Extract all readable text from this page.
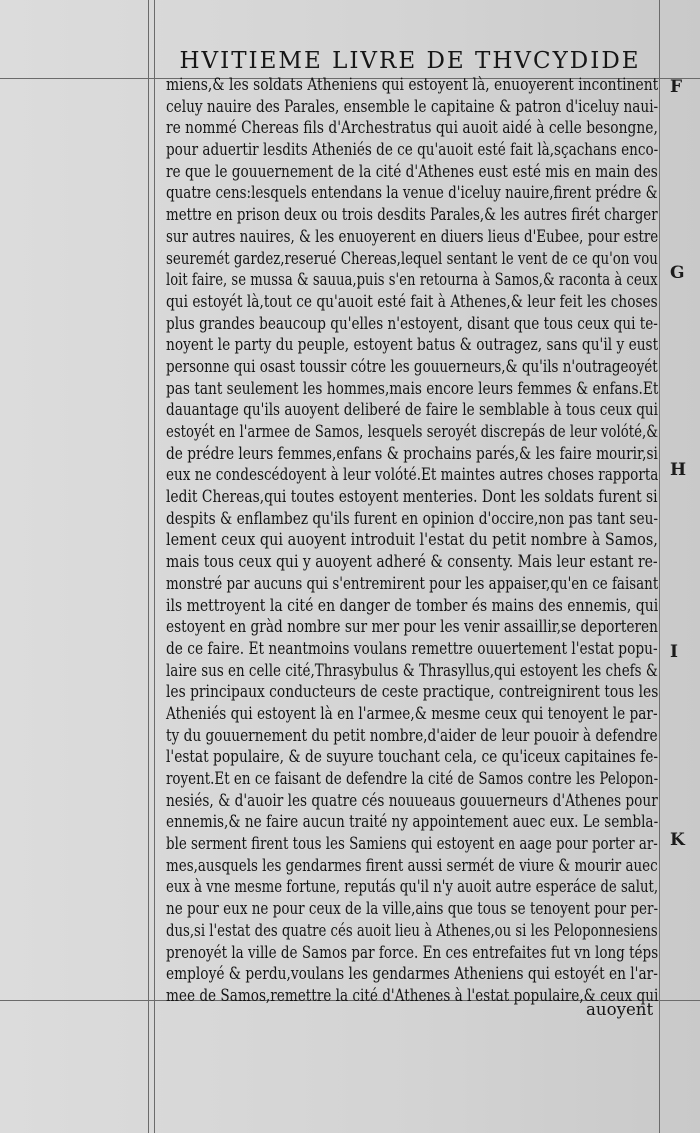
HVITIEME LIVRE DE THVCYDIDE
miens,& les soldats Atheniens qui estoyent là, enuoyerent incontinent
celuy nauire des Parales, ensemble le capitaine & patron d'iceluy naui-
re nommé Chereas fils d'Archestratus qui auoit aidé à celle besongne,
pour aduertir lesdits Atheniés de ce qu'auoit esté fait là,sçachans enco-
re que le gouuernement de la cité d'Athenes eust esté mis en main des
quatre cens:lesquels entendans la venue d'iceluy nauire,firent prédre &
mettre en prison deux ou trois desdits Parales,& les autres firét charger
sur autres nauires, & les enuoyerent en diuers lieus d'Eubee, pour estre
seuremét gardez,reserué Chereas,lequel sentant le vent de ce qu'on vou
loit faire, se mussa & sauua,puis s'en retourna à Samos,& raconta à ceux
qui estoyét là,tout ce qu'auoit esté fait à Athenes,& leur feit les choses
plus grandes beaucoup qu'elles n'estoyent, disant que tous ceux qui te-
noyent le party du peuple, estoyent batus & outragez, sans qu'il y eust
personne qui osast toussir cótre les gouuerneurs,& qu'ils n'outrageoyét
pas tant seulement les hommes,mais encore leurs femmes & enfans.Et
dauantage qu'ils auoyent deliberé de faire le semblable à tous ceux qui
estoyét en l'armee de Samos, lesquels seroyét discrepás de leur volóté,&
de prédre leurs femmes,enfans & prochains parés,& les faire mourir,si
eux ne condescédoyent à leur volóté.Et maintes autres choses rapporta
ledit Chereas,qui toutes estoyent menteries. Dont les soldats furent si
despits & enflambez qu'ils furent en opinion d'occire,non pas tant seu-
lement ceux qui auoyent introduit l'estat du petit nombre à Samos,
mais tous ceux qui y auoyent adheré & consenty. Mais leur estant re-
monstré par aucuns qui s'entremirent pour les appaiser,qu'en ce faisant
ils mettroyent la cité en danger de tomber és mains des ennemis, qui
estoyent en gràd nombre sur mer pour les venir assaillir,se deporteren
de ce faire. Et neantmoins voulans remettre ouuertement l'estat popu-
laire sus en celle cité,Thrasybulus & Thrasyllus,qui estoyent les chefs &
les principaux conducteurs de ceste practique, contreignirent tous les
Atheniés qui estoyent là en l'armee,& mesme ceux qui tenoyent le par-
ty du gouuernement du petit nombre,d'aider de leur pouoir à defendre
l'estat populaire, & de suyure touchant cela, ce qu'iceux capitaines fe-
royent.Et en ce faisant de defendre la cité de Samos contre les Pelopon-
nesiés, & d'auoir les quatre cés nouueaus gouuerneurs d'Athenes pour
ennemis,& ne faire aucun traité ny appointement auec eux. Le sembla-
ble serment firent tous les Samiens qui estoyent en aage pour porter ar-
mes,ausquels les gendarmes firent aussi sermét de viure & mourir auec
eux à vne mesme fortune, reputás qu'il n'y auoit autre esperáce de salut,
ne pour eux ne pour ceux de la ville,ains que tous se tenoyent pour per-
dus,si l'estat des quatre cés auoit lieu à Athenes,ou si les Peloponnesiens
prenoyét la ville de Samos par force. En ces entrefaites fut vn long téps
employé & perdu,voulans les gendarmes Atheniens qui estoyét en l'ar-
mee de Samos,remettre la cité d'Athenes à l'estat populaire,& ceux qui
auoyent
F
G
H
I
K
